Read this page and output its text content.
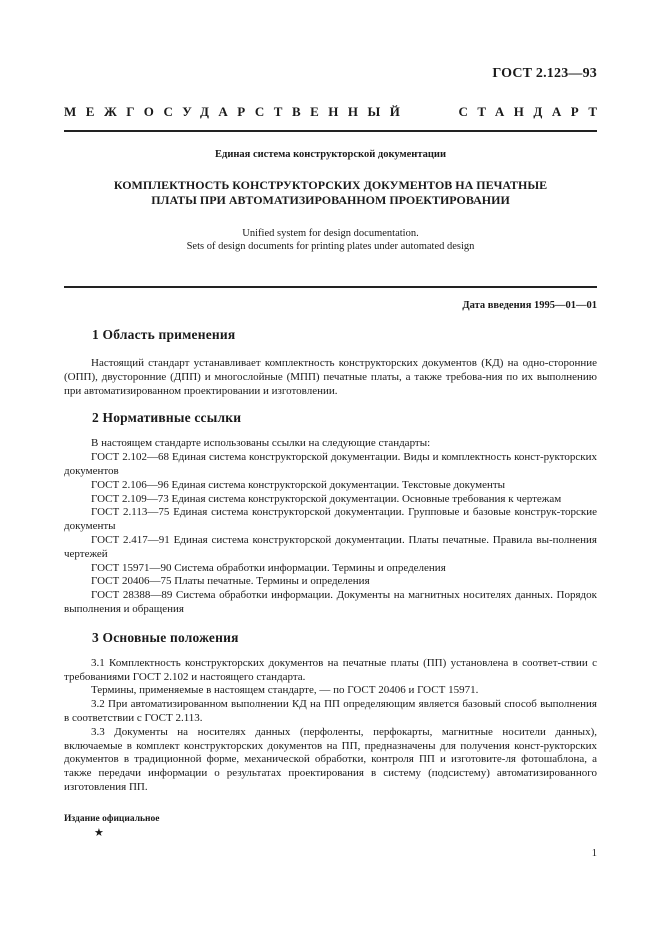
ГОСТ 2.123—93
МЕЖГОСУДАРСТВЕННЫЙ	СТАНДАРТ
Единая система конструкторской документации
КОМПЛЕКТНОСТЬ КОНСТРУКТОРСКИХ ДОКУМЕНТОВ НА ПЕЧАТНЫЕ
ПЛАТЫ ПРИ АВТОМАТИЗИРОВАННОМ ПРОЕКТИРОВАНИИ
Unified system for design documentation.
Sets of design documents for printing plates under automated design
Дата введения 1995—01—01
1 Область применения

Настоящий стандарт устанавливает комплектность конструкторских документов (КД) на одно-сторонние (ОПП), двусторонние (ДПП) и многослойные (МПП) печатные платы, а также требова-ния по их выполнению при автоматизированном проектировании и изготовлении.

2 Нормативные ссылки

В настоящем стандарте использованы ссылки на следующие стандарты:

ГОСТ 2.102—68 Единая система конструкторской документации. Виды и комплектность конст-рукторских документов

ГОСТ 2.106—96 Единая система конструкторской документации. Текстовые документы

ГОСТ 2.109—73 Единая система конструкторской документации. Основные требования к чертежам

ГОСТ 2.113—75 Единая система конструкторской документации. Групповые и базовые конструк-торские документы

ГОСТ 2.417—91 Единая система конструкторской документации. Платы печатные. Правила вы-полнения чертежей

ГОСТ 15971—90 Система обработки информации. Термины и определения

ГОСТ 20406—75 Платы печатные. Термины и определения

ГОСТ 28388—89 Система обработки информации. Документы на магнитных носителях данных. Порядок выполнения и обращения

3 Основные положения

3.1 Комплектность конструкторских документов на печатные платы (ПП) установлена в соответ-ствии с требованиями ГОСТ 2.102 и настоящего стандарта.

Термины, применяемые в настоящем стандарте, — по ГОСТ 20406 и ГОСТ 15971.

3.2 При автоматизированном выполнении КД на ПП определяющим является базовый способ выполнения в соответствии с ГОСТ 2.113.

3.3 Документы на носителях данных (перфоленты, перфокарты, магнитные носители данных), включаемые в комплект конструкторских документов на ПП, предназначены для получения конст-рукторских документов в традиционной форме, механической обработки, контроля ПП и изготовите-ля фотошаблона, а также передачи информации о результатах проектирования в систему (подсистему) автоматизированного изготовления ПП.

Издание официальное
★
1
